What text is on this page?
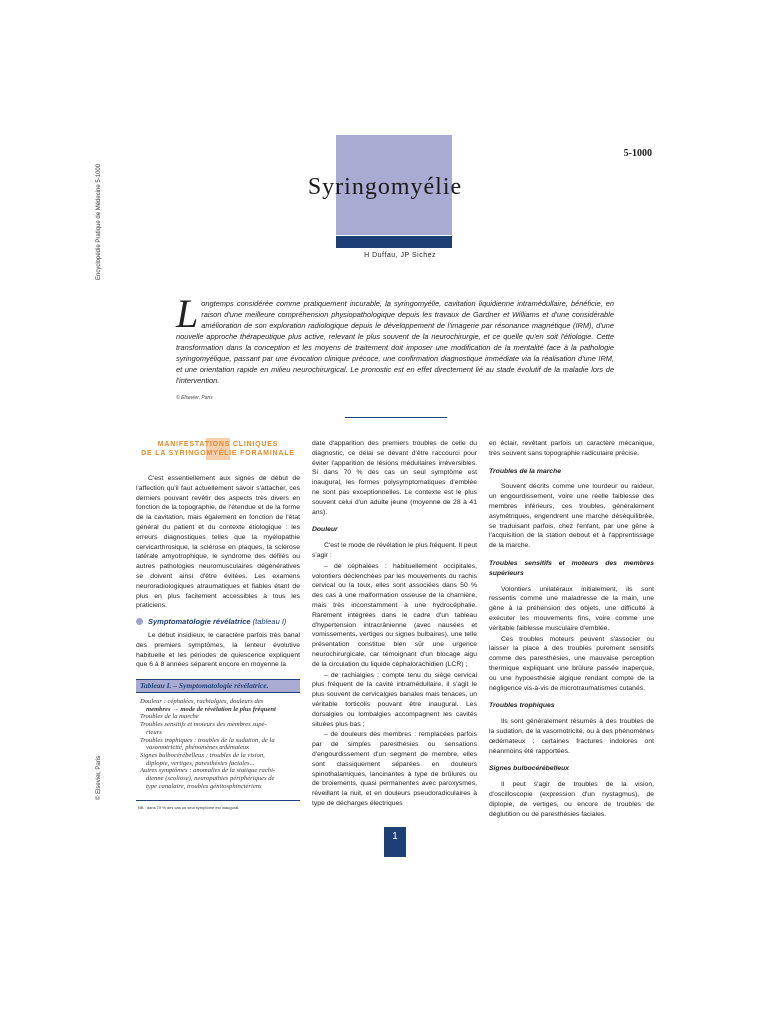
Encyclopédie Pratique de Médecine 5-1000
© Elsevier, Paris
5-1000
Syringomyélie
H Duffau, JP Sichez
Longtemps considérée comme pratiquement incurable, la syringomyélie, cavitation liquidienne intramédullaire, bénéficie, en raison d'une meilleure compréhension physiopathologique depuis les travaux de Gardner et Williams et d'une considérable amélioration de son exploration radiologique depuis le développement de l'imagerie par résonance magnétique (IRM), d'une nouvelle approche thérapeutique plus active, relevant le plus souvent de la neurochirurgie, et ce quelle qu'en soit l'étiologie. Cette transformation dans la conception et les moyens de traitement doit imposer une modification de la mentalité face à la pathologie syringomyélique, passant par une évocation clinique précoce, une confirmation diagnostique immédiate via la réalisation d'une IRM, et une orientation rapide en milieu neurochirurgical. Le pronostic est en effet directement lié au stade évolutif de la maladie lors de l'intervention.
© Elsevier, Paris
MANIFESTATIONS CLINIQUES
DE LA SYRINGOMYÉLIE FORAMINALE

C'est essentiellement aux signes de début de l'affection qu'il faut actuellement savoir s'attacher, ces derniers pouvant revêtir des aspects très divers en fonction de la topographie, de l'étendue et de la forme de la cavitation, mais également en fonction de l'état général du patient et du contexte étiologique : les erreurs diagnostiques telles que la myélopathie cervicarthrosique, la sclérose en plaques, la sclérose latérale amyotrophique, le syndrome des défilés ou autres pathologies neuromusculaires dégénératives se doivent ainsi d'être évitées. Les examens neuroradiologiques atraumatiques et fiables étant de plus en plus facilement accessibles à tous les praticiens.

Symptomatologie révélatrice (tableau I)

Le début insidieux, le caractère parfois très banal des premiers symptômes, la lenteur évolutive habituelle et les périodes de quiescence expliquent que 6 à 8 années séparent encore en moyenne la

Tableau I. – Symptomatologie révélatrice.
Douleur : céphalées, rachialgies, douleurs des
membres → mode de révélation le plus fréquent
Troubles de la marche
Troubles sensitifs et moteurs des membres supé-
rieurs
Troubles trophiques : troubles de la sudation, de la
vasomotricité, phénomènes œdémateux
Signes bulbocérébelleux : troubles de la vision,
diplopie, vertiges, paresthésies faciales...
Autres symptômes : anomalies de la statique rachi-
dienne (scoliose), neuropathies périphériques de
type canalaire, troubles génitosphinctériens
NB : dans 70 % des cas un seul symptôme est inaugural.

date d'apparition des premiers troubles de celle du diagnostic, ce délai se devant d'être raccourci pour éviter l'apparition de lésions médullaires irréversibles. Si dans 70 % des cas un seul symptôme est inaugural, les formes polysymptomatiques d'emblée ne sont pas exceptionnelles. Le contexte est le plus souvent celui d'un adulte jeune (moyenne de 28 à 41 ans).

Douleur

C'est le mode de révélation le plus fréquent. Il peut s'agir :

– de céphalées : habituellement occipitales, volontiers déclenchées par les mouvements du rachis cervical ou la toux, elles sont associées dans 50 % des cas à une malformation osseuse de la charnière, mais très inconstamment à une hydrocéphalie. Rarement intégrées dans le cadre d'un tableau d'hypertension intracrânienne (avec nausées et vomissements, vertiges ou signes bulbaires), une telle présentation constitue bien sûr une urgence neurochirurgicale, car témoignant d'un blocage aigu de la circulation du liquide céphalorachidien (LCR) ;

– de rachialgies : compte tenu du siège cervical plus fréquent de la cavité intramédullaire, il s'agit le plus souvent de cervicalgies banales mais tenaces, un véritable torticolis pouvant être inaugural. Les dorsalgies ou lombalgies accompagnent les cavités situées plus bas ;

– de douleurs des membres : remplacées parfois par de simples paresthésies ou sensations d'engourdissement d'un segment de membre, elles sont classiquement séparées en douleurs spinothalamiques, lancinantes à type de brûlures ou de broiements, quasi permanentes avec paroxysmes, réveillant la nuit, et en douleurs pseudoradiculaires à type de décharges électriques

en éclair, revêtant parfois un caractère mécanique, très souvent sans topographie radiculaire précise.

Troubles de la marche

Souvent décrits comme une lourdeur ou raideur, un engourdissement, voire une réelle faiblesse des membres inférieurs, ces troubles, généralement asymétriques, engendrent une marche déséquilibrée, se traduisant parfois, chez l'enfant, par une gêne à l'acquisition de la station debout et à l'apprentissage de la marche.

Troubles sensitifs et moteurs des membres supérieurs

Volontiers unilatéraux initialement, ils sont ressentis comme une maladresse de la main, une gêne à la préhension des objets, une difficulté à exécuter les mouvements fins, voire comme une véritable faiblesse musculaire d'emblée.

Ces troubles moteurs peuvent s'associer ou laisser la place à des troubles purement sensitifs comme des paresthésies, une mauvaise perception thermique expliquant une brûlure passée inaperçue, ou une hypoesthésie algique rendant compte de la négligence vis-à-vis de microtraumatismes cutanés.

Troubles trophiques

Ils sont généralement résumés à des troubles de la sudation, de la vasomotricité, ou à des phénomènes œdémateux ; certaines fractures indolores ont néanmoins été rapportées.

Signes bulbocérébelleux

Il peut s'agir de troubles de la vision, d'oscilloscopie (expression d'un nystagmus), de diplopie, de vertiges, ou encore de troubles de déglutition ou de paresthésies faciales.

1
